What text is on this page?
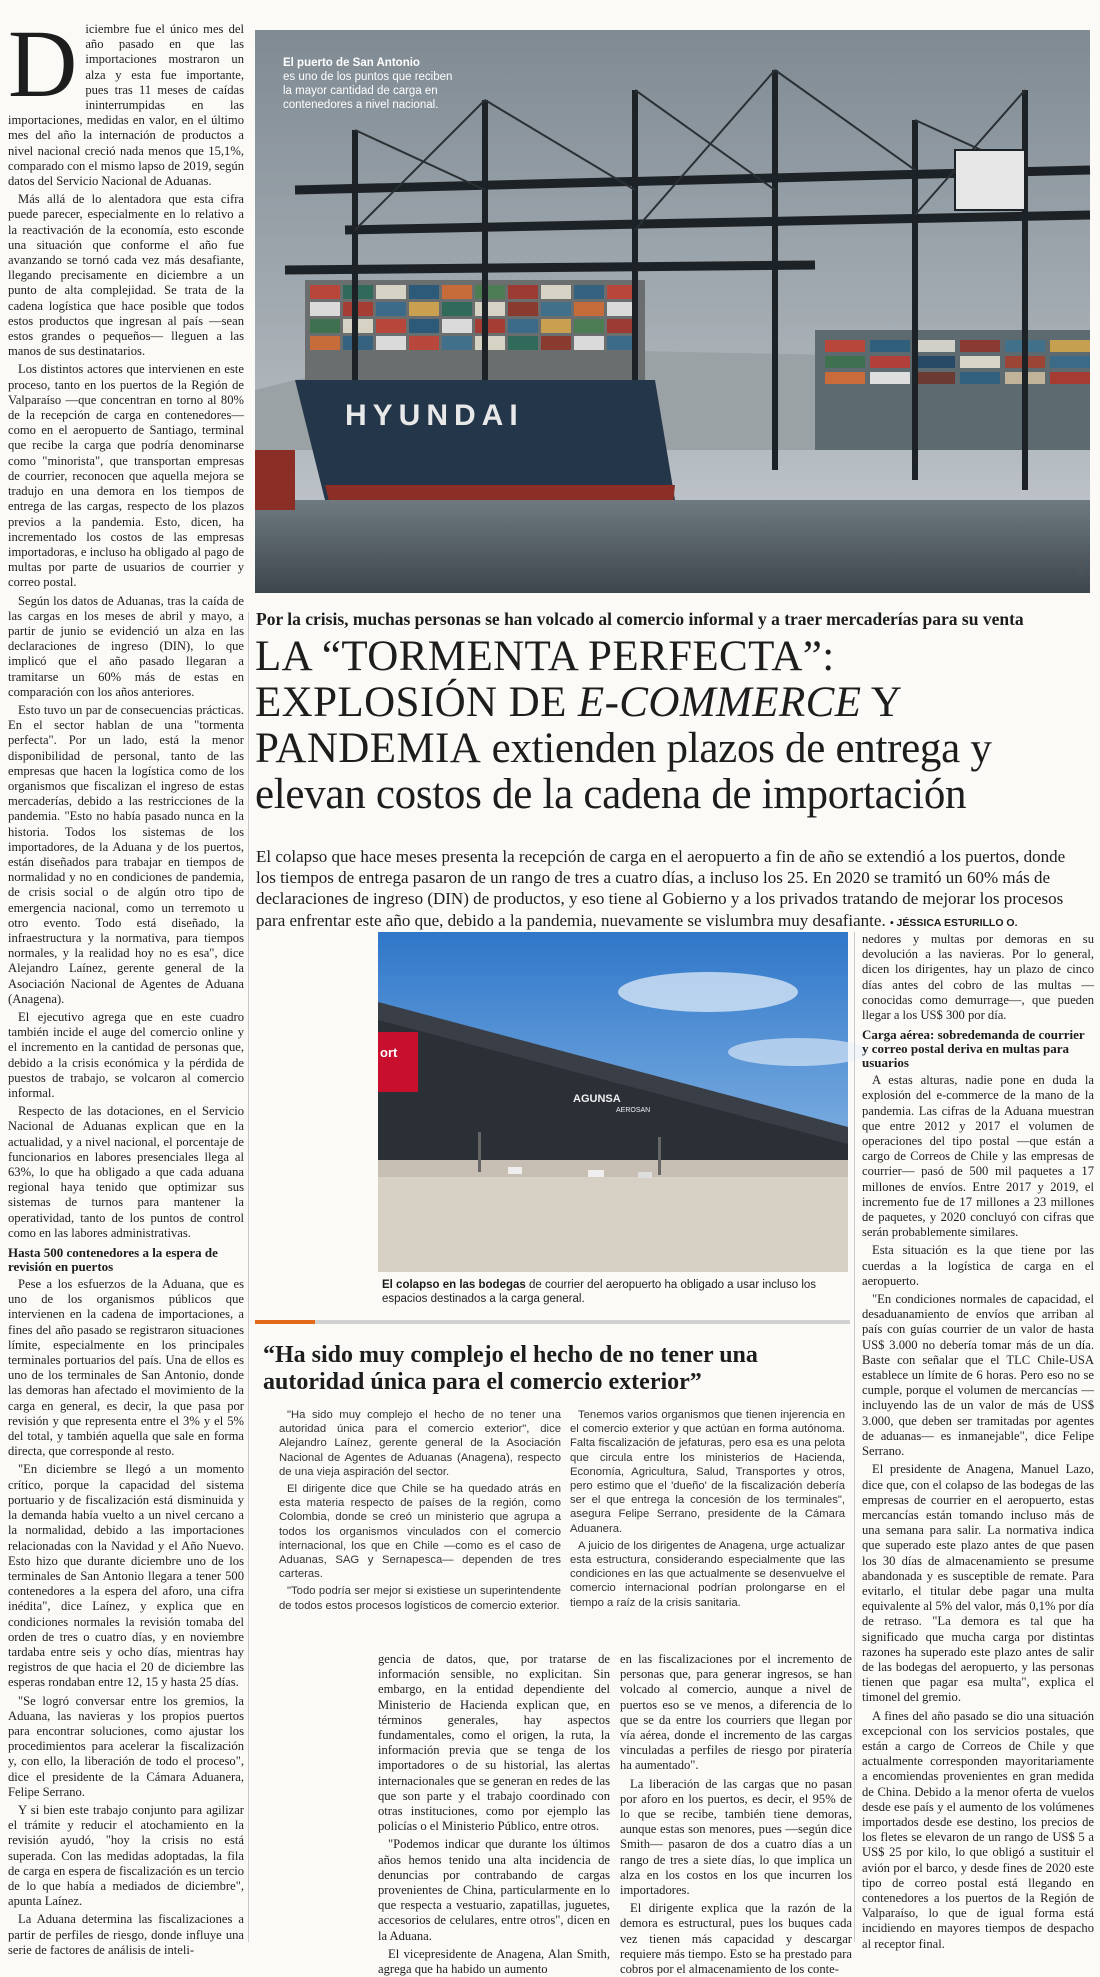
HYUNDAI
El puerto de San Antonio
es uno de los puntos que reciben la mayor cantidad de carga en contenedores a nivel nacional.
SAM
Por la crisis, muchas personas se han volcado al comercio informal y a traer mercaderías para su venta
LA “TORMENTA PERFECTA”:
EXPLOSIÓN DE E-COMMERCE Y
PANDEMIA extienden plazos de entrega y
elevan costos de la cadena de importación
El colapso que hace meses presenta la recepción de carga en el aeropuerto a fin de año se extendió a los puertos, donde los tiempos de entrega pasaron de un rango de tres a cuatro días, a incluso los 25. En 2020 se tramitó un 60% más de declaraciones de ingreso (DIN) de productos, y eso tiene al Gobierno y a los privados tratando de mejorar los procesos para enfrentar este año que, debido a la pandemia, nuevamente se vislumbra muy desafiante. • JÉSSICA ESTURILLO O.
D iciembre fue el único mes del año pasado en que las importaciones mostraron un alza y esta fue importante, pues tras 11 meses de caídas ininterrumpidas en las importaciones, medidas en valor, en el último mes del año la internación de productos a nivel nacional creció nada menos que 15,1%, comparado con el mismo lapso de 2019, según datos del Servicio Nacional de Aduanas.

Más allá de lo alentadora que esta cifra puede parecer, especialmente en lo relativo a la reactivación de la economía, esto esconde una situación que conforme el año fue avanzando se tornó cada vez más desafiante, llegando precisamente en diciembre a un punto de alta complejidad. Se trata de la cadena logística que hace posible que todos estos productos que ingresan al país —sean estos grandes o pequeños— lleguen a las manos de sus destinatarios.

Los distintos actores que intervienen en este proceso, tanto en los puertos de la Región de Valparaíso —que concentran en torno al 80% de la recepción de carga en contenedores— como en el aeropuerto de Santiago, terminal que recibe la carga que podría denominarse como "minorista", que transportan empresas de courrier, reconocen que aquella mejora se tradujo en una demora en los tiempos de entrega de las cargas, respecto de los plazos previos a la pandemia. Esto, dicen, ha incrementado los costos de las empresas importadoras, e incluso ha obligado al pago de multas por parte de usuarios de courrier y correo postal.

Según los datos de Aduanas, tras la caída de las cargas en los meses de abril y mayo, a partir de junio se evidenció un alza en las declaraciones de ingreso (DIN), lo que implicó que el año pasado llegaran a tramitarse un 60% más de estas en comparación con los años anteriores.

Esto tuvo un par de consecuencias prácticas. En el sector hablan de una "tormenta perfecta". Por un lado, está la menor disponibilidad de personal, tanto de las empresas que hacen la logística como de los organismos que fiscalizan el ingreso de estas mercaderías, debido a las restricciones de la pandemia. "Esto no había pasado nunca en la historia. Todos los sistemas de los importadores, de la Aduana y de los puertos, están diseñados para trabajar en tiempos de normalidad y no en condiciones de pandemia, de crisis social o de algún otro tipo de emergencia nacional, como un terremoto u otro evento. Todo está diseñado, la infraestructura y la normativa, para tiempos normales, y la realidad hoy no es esa", dice Alejandro Laínez, gerente general de la Asociación Nacional de Agentes de Aduana (Anagena).

El ejecutivo agrega que en este cuadro también incide el auge del comercio online y el incremento en la cantidad de personas que, debido a la crisis económica y la pérdida de puestos de trabajo, se volcaron al comercio informal.

Respecto de las dotaciones, en el Servicio Nacional de Aduanas explican que en la actualidad, y a nivel nacional, el porcentaje de funcionarios en labores presenciales llega al 63%, lo que ha obligado a que cada aduana regional haya tenido que optimizar sus sistemas de turnos para mantener la operatividad, tanto de los puntos de control como en las labores administrativas.

Hasta 500 contenedores a la espera de revisión en puertos

Pese a los esfuerzos de la Aduana, que es uno de los organismos públicos que intervienen en la cadena de importaciones, a fines del año pasado se registraron situaciones límite, especialmente en los principales terminales portuarios del país. Una de ellos es uno de los terminales de San Antonio, donde las demoras han afectado el movimiento de la carga en general, es decir, la que pasa por revisión y que representa entre el 3% y el 5% del total, y también aquella que sale en forma directa, que corresponde al resto.

"En diciembre se llegó a un momento crítico, porque la capacidad del sistema portuario y de fiscalización está disminuida y la demanda había vuelto a un nivel cercano a la normalidad, debido a las importaciones relacionadas con la Navidad y el Año Nuevo. Esto hizo que durante diciembre uno de los terminales de San Antonio llegara a tener 500 contenedores a la espera del aforo, una cifra inédita", dice Laínez, y explica que en condiciones normales la revisión tomaba del orden de tres o cuatro días, y en noviembre tardaba entre seis y ocho días, mientras hay registros de que hacia el 20 de diciembre las esperas rondaban entre 12, 15 y hasta 25 días.

"Se logró conversar entre los gremios, la Aduana, las navieras y los propios puertos para encontrar soluciones, como ajustar los procedimientos para acelerar la fiscalización y, con ello, la liberación de todo el proceso", dice el presidente de la Cámara Aduanera, Felipe Serrano.

Y si bien este trabajo conjunto para agilizar el trámite y reducir el atochamiento en la revisión ayudó, "hoy la crisis no está superada. Con las medidas adoptadas, la fila de carga en espera de fiscalización es un tercio de lo que había a mediados de diciembre", apunta Laínez.

La Aduana determina las fiscalizaciones a partir de perfiles de riesgo, donde influye una serie de factores de análisis de inteli-

ort
AGUNSA
AEROSAN
El colapso en las bodegas de courrier del aeropuerto ha obligado a usar incluso los espacios destinados a la carga general.

nedores y multas por demoras en su devolución a las navieras. Por lo general, dicen los dirigentes, hay un plazo de cinco días antes del cobro de las multas —conocidas como demurrage—, que pueden llegar a los US$ 300 por día.

Carga aérea: sobredemanda de courrier y correo postal deriva en multas para usuarios

A estas alturas, nadie pone en duda la explosión del e-commerce de la mano de la pandemia. Las cifras de la Aduana muestran que entre 2012 y 2017 el volumen de operaciones del tipo postal —que están a cargo de Correos de Chile y las empresas de courrier— pasó de 500 mil paquetes a 17 millones de envíos. Entre 2017 y 2019, el incremento fue de 17 millones a 23 millones de paquetes, y 2020 concluyó con cifras que serán probablemente similares.

Esta situación es la que tiene por las cuerdas a la logística de carga en el aeropuerto.

"En condiciones normales de capacidad, el desaduanamiento de envíos que arriban al país con guías courrier de un valor de hasta US$ 3.000 no debería tomar más de un día. Baste con señalar que el TLC Chile-USA establece un límite de 6 horas. Pero eso no se cumple, porque el volumen de mercancías —incluyendo las de un valor de más de US$ 3.000, que deben ser tramitadas por agentes de aduanas— es inmanejable", dice Felipe Serrano.

El presidente de Anagena, Manuel Lazo, dice que, con el colapso de las bodegas de las empresas de courrier en el aeropuerto, estas mercancías están tomando incluso más de una semana para salir. La normativa indica que superado este plazo antes de que pasen los 30 días de almacenamiento se presume abandonada y es susceptible de remate. Para evitarlo, el titular debe pagar una multa equivalente al 5% del valor, más 0,1% por día de retraso. "La demora es tal que ha significado que mucha carga por distintas razones ha superado este plazo antes de salir de las bodegas del aeropuerto, y las personas tienen que pagar esa multa", explica el timonel del gremio.

A fines del año pasado se dio una situación excepcional con los servicios postales, que están a cargo de Correos de Chile y que actualmente corresponden mayoritariamente a encomiendas provenientes en gran medida de China. Debido a la menor oferta de vuelos desde ese país y el aumento de los volúmenes importados desde ese destino, los precios de los fletes se elevaron de un rango de US$ 5 a US$ 25 por kilo, lo que obligó a sustituir el avión por el barco, y desde fines de 2020 este tipo de correo postal está llegando en contenedores a los puertos de la Región de Valparaíso, lo que de igual forma está incidiendo en mayores tiempos de despacho al receptor final.

“Ha sido muy complejo el hecho de no tener una autoridad única para el comercio exterior”

"Ha sido muy complejo el hecho de no tener una autoridad única para el comercio exterior", dice Alejandro Laínez, gerente general de la Asociación Nacional de Agentes de Aduanas (Anagena), respecto de una vieja aspiración del sector.

El dirigente dice que Chile se ha quedado atrás en esta materia respecto de países de la región, como Colombia, donde se creó un ministerio que agrupa a todos los organismos vinculados con el comercio internacional, los que en Chile —como es el caso de Aduanas, SAG y Sernapesca— dependen de tres carteras.

"Todo podría ser mejor si existiese un superintendente de todos estos procesos logísticos de comercio exterior.

Tenemos varios organismos que tienen injerencia en el comercio exterior y que actúan en forma autónoma. Falta fiscalización de jefaturas, pero esa es una pelota que circula entre los ministerios de Hacienda, Economía, Agricultura, Salud, Transportes y otros, pero estimo que el 'dueño' de la fiscalización debería ser el que entrega la concesión de los terminales", asegura Felipe Serrano, presidente de la Cámara Aduanera.

A juicio de los dirigentes de Anagena, urge actualizar esta estructura, considerando especialmente que las condiciones en las que actualmente se desenvuelve el comercio internacional podrían prolongarse en el tiempo a raíz de la crisis sanitaria.

gencia de datos, que, por tratarse de información sensible, no explicitan. Sin embargo, en la entidad dependiente del Ministerio de Hacienda explican que, en términos generales, hay aspectos fundamentales, como el origen, la ruta, la información previa que se tenga de los importadores o de su historial, las alertas internacionales que se generan en redes de las que son parte y el trabajo coordinado con otras instituciones, como por ejemplo las policías o el Ministerio Público, entre otros.

"Podemos indicar que durante los últimos años hemos tenido una alta incidencia de denuncias por contrabando de cargas provenientes de China, particularmente en lo que respecta a vestuario, zapatillas, juguetes, accesorios de celulares, entre otros", dicen en la Aduana.

El vicepresidente de Anagena, Alan Smith, agrega que ha habido un aumento

en las fiscalizaciones por el incremento de personas que, para generar ingresos, se han volcado al comercio, aunque a nivel de puertos eso se ve menos, a diferencia de lo que se da entre los courriers que llegan por vía aérea, donde el incremento de las cargas vinculadas a perfiles de riesgo por piratería ha aumentado".

La liberación de las cargas que no pasan por aforo en los puertos, es decir, el 95% de lo que se recibe, también tiene demoras, aunque estas son menores, pues —según dice Smith— pasaron de dos a cuatro días a un rango de tres a siete días, lo que implica un alza en los costos en los que incurren los importadores.

El dirigente explica que la razón de la demora es estructural, pues los buques cada vez tienen más capacidad y descargar requiere más tiempo. Esto se ha prestado para cobros por el almacenamiento de los conte-
